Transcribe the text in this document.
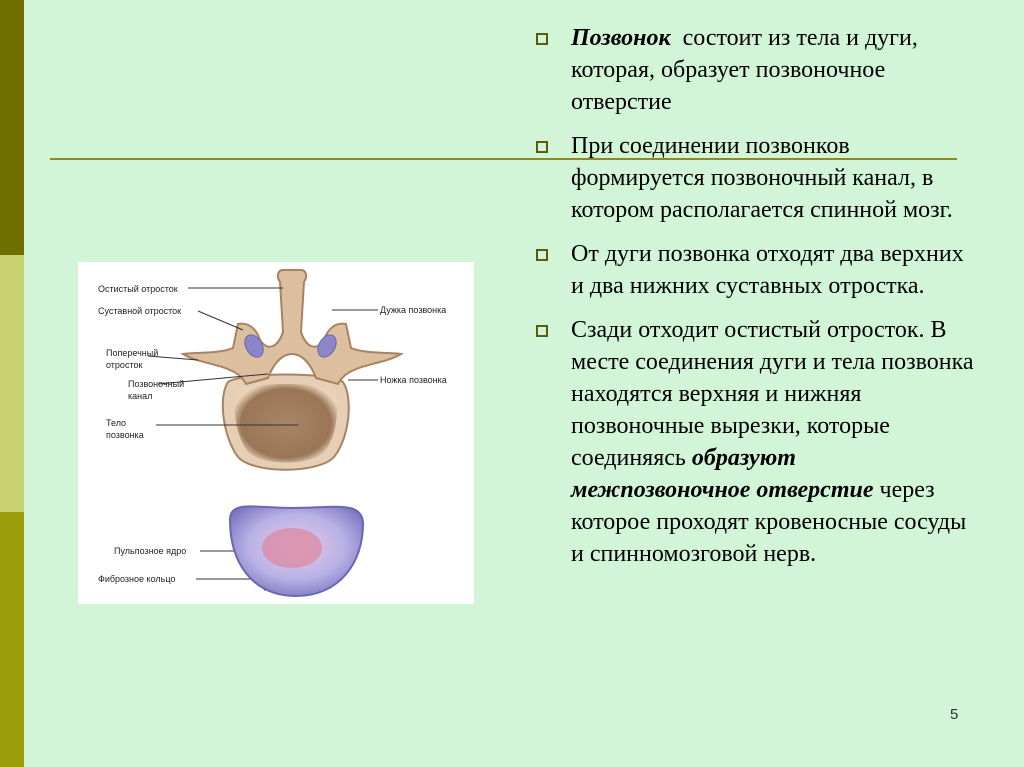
Остистый отросток
Суставной отросток
Поперечный
отросток
Позвоночный
канал
Тело
позвонка
Дужка позвонка
Ножка позвонка
Пульпозное ядро
Фиброзное кольцо
Позвонок  состоит из тела и дуги, которая, образует позвоночное отверстие
При соединении позвонков формируется позвоночный канал, в котором располагается спинной мозг.
От дуги позвонка отходят два верхних и два нижних суставных отростка.
Сзади отходит остистый отросток. В месте соединения дуги и тела позвонка находятся верхняя и нижняя позвоночные вырезки, которые соединяясь образуют межпозвоночное отверстие через которое проходят кровеносные сосуды и спинномозговой нерв.
5
